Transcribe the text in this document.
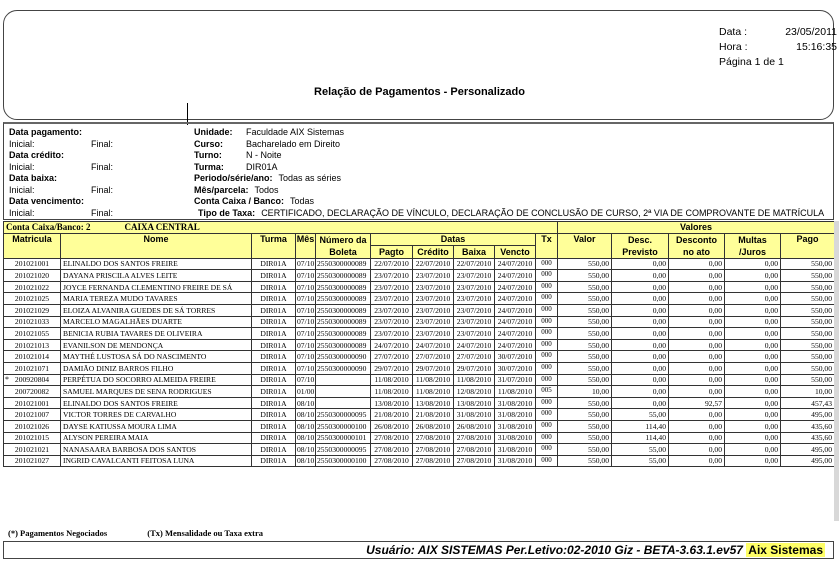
Data :	23/05/2011
Hora :	15:16:35
Página 1 de 1
Relação de Pagamentos - Personalizado
Data pagamento:
Inicial:	Final:
Data crédito:
Inicial:	Final:
Data baixa:
Inicial:	Final:
Data vencimento:
Inicial:	Final:
Unidade:	Faculdade AIX Sistemas
Curso:	Bacharelado em Direito
Turno:	N - Noite
Turma:	DIR01A
Periodo/série/ano: Todas as séries
Mês/parcela: Todos
Conta Caixa / Banco: Todas
Tipo de Taxa: CERTIFICADO, DECLARAÇÃO DE VÍNCULO, DECLARAÇÃO DE CONCLUSÃO DE CURSO, 2ª VIA DE COMPROVANTE DE MATRÍCULA
Conta Caixa/Banco: 2 CAIXA CENTRAL										Valores				
Matricula	Nome	Turma	Mês	Número da Boleta	Datas				Tx	Valor	Desc. Previsto	Desconto no ato	Multas /Juros	Pago
					Pagto	Crédito	Baixa	Vencto						
201021001	ELINALDO DOS SANTOS FREIRE	DIR01A	07/10	2550300000089	22/07/2010	22/07/2010	22/07/2010	24/07/2010	000	550,00	0,00	0,00	0,00	550,00
201021020	DAYANA PRISCILA ALVES LEITE	DIR01A	07/10	2550300000089	23/07/2010	23/07/2010	23/07/2010	24/07/2010	000	550,00	0,00	0,00	0,00	550,00
201021022	JOYCE FERNANDA CLEMENTINO FREIRE DE SÁ	DIR01A	07/10	2550300000089	23/07/2010	23/07/2010	23/07/2010	24/07/2010	000	550,00	0,00	0,00	0,00	550,00
201021025	MARIA TEREZA MUDO TAVARES	DIR01A	07/10	2550300000089	23/07/2010	23/07/2010	23/07/2010	24/07/2010	000	550,00	0,00	0,00	0,00	550,00
201021029	ELOIZA ALVANIRA GUEDES DE SÁ TORRES	DIR01A	07/10	2550300000089	23/07/2010	23/07/2010	23/07/2010	24/07/2010	000	550,00	0,00	0,00	0,00	550,00
201021033	MARCELO MAGALHÃES DUARTE	DIR01A	07/10	2550300000089	23/07/2010	23/07/2010	23/07/2010	24/07/2010	000	550,00	0,00	0,00	0,00	550,00
201021055	BENICIA RUBIA TAVARES DE OLIVEIRA	DIR01A	07/10	2550300000089	23/07/2010	23/07/2010	23/07/2010	24/07/2010	000	550,00	0,00	0,00	0,00	550,00
201021013	EVANILSON DE MENDONÇA	DIR01A	07/10	2550300000089	24/07/2010	24/07/2010	24/07/2010	24/07/2010	000	550,00	0,00	0,00	0,00	550,00
201021014	MAYTHÉ LUSTOSA SÁ DO NASCIMENTO	DIR01A	07/10	2550300000090	27/07/2010	27/07/2010	27/07/2010	30/07/2010	000	550,00	0,00	0,00	0,00	550,00
201021071	DAMIÃO DINIZ BARROS FILHO	DIR01A	07/10	2550300000090	29/07/2010	29/07/2010	29/07/2010	30/07/2010	000	550,00	0,00	0,00	0,00	550,00

* 200920804	PERPÉTUA DO SOCORRO ALMEIDA FREIRE	DIR01A	07/10		11/08/2010	11/08/2010	11/08/2010	31/07/2010	000	550,00	0,00	0,00	0,00	550,00
200720082	SAMUEL MARQUES DE SENA RODRIGUES	DIR01A	01/00		11/08/2010	11/08/2010	12/08/2010	11/08/2010	005	10,00	0,00	0,00	0,00	10,00
201021001	ELINALDO DOS SANTOS FREIRE	DIR01A	08/10		13/08/2010	13/08/2010	13/08/2010	31/08/2010	000	550,00	0,00	92,57	0,00	457,43
201021007	VICTOR TORRES DE CARVALHO	DIR01A	08/10	2550300000095	21/08/2010	21/08/2010	31/08/2010	31/08/2010	000	550,00	55,00	0,00	0,00	495,00
201021026	DAYSE KATIUSSA MOURA LIMA	DIR01A	08/10	2550300000100	26/08/2010	26/08/2010	26/08/2010	31/08/2010	000	550,00	114,40	0,00	0,00	435,60
201021015	ALYSON PEREIRA MAIA	DIR01A	08/10	2550300000101	27/08/2010	27/08/2010	27/08/2010	31/08/2010	000	550,00	114,40	0,00	0,00	435,60
201021021	NANASAARA BARBOSA DOS SANTOS	DIR01A	08/10	2550300000095	27/08/2010	27/08/2010	27/08/2010	31/08/2010	000	550,00	55,00	0,00	0,00	495,00
201021027	INGRID CAVALCANTI FEITOSA LUNA	DIR01A	08/10	2550300000100	27/08/2010	27/08/2010	27/08/2010	31/08/2010	000	550,00	55,00	0,00	0,00	495,00
(*) Pagamentos Negociados	(Tx) Mensalidade ou Taxa extra
Usuário: AIX SISTEMAS Per.Letivo:02-2010 Giz - BETA-3.63.1.ev57 Aix Sistemas
